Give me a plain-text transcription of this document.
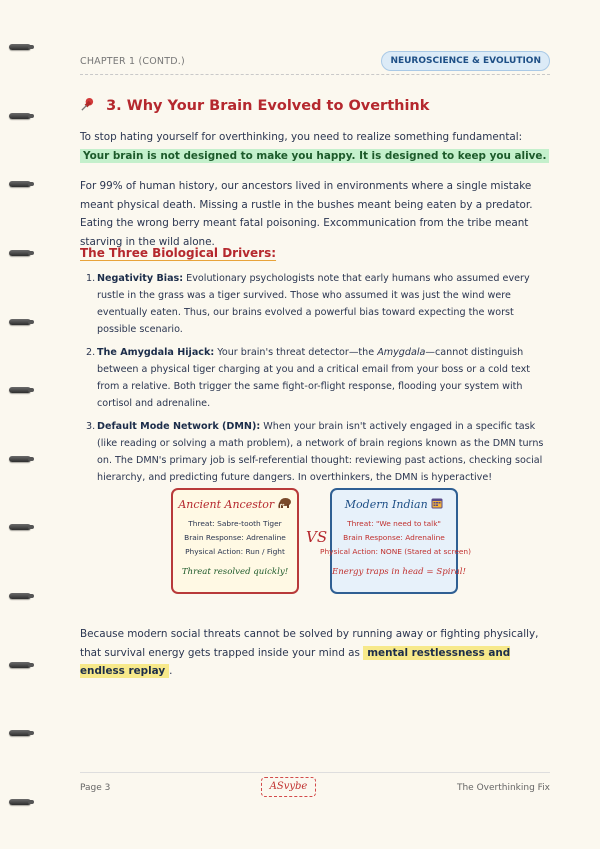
CHAPTER 1 (CONTD.)	NEUROSCIENCE & EVOLUTION
3. Why Your Brain Evolved to Overthink

To stop hating yourself for overthinking, you need to realize something fundamental: Your brain is not designed to make you happy. It is designed to keep you alive.

For 99% of human history, our ancestors lived in environments where a single mistake meant physical death. Missing a rustle in the bushes meant being eaten by a predator. Eating the wrong berry meant fatal poisoning. Excommunication from the tribe meant starving in the wild alone.

The Three Biological Drivers:
1. Negativity Bias: Evolutionary psychologists note that early humans who assumed every rustle in the grass was a tiger survived. Those who assumed it was just the wind were eventually eaten. Thus, our brains evolved a powerful bias toward expecting the worst possible scenario.
2. The Amygdala Hijack: Your brain's threat detector—the Amygdala—cannot distinguish between a physical tiger charging at you and a critical email from your boss or a cold text from a relative. Both trigger the same fight-or-flight response, flooding your system with cortisol and adrenaline.
3. Default Mode Network (DMN): When your brain isn't actively engaged in a specific task (like reading or solving a math problem), a network of brain regions known as the DMN turns on. The DMN's primary job is self-referential thought: reviewing past actions, checking social hierarchy, and predicting future dangers. In overthinkers, the DMN is hyperactive!
Ancient Ancestor
Threat: Sabre-tooth Tiger
Brain Response: Adrenaline
Physical Action: Run / Fight
Threat resolved quickly!
VS
Modern Indian
Threat: "We need to talk"
Brain Response: Adrenaline
Physical Action: NONE (Stared at screen)
Energy traps in head = Spiral!

Because modern social threats cannot be solved by running away or fighting physically, that survival energy gets trapped inside your mind as mental restlessness and endless replay .

Page 3	ASvybe	The Overthinking Fix
